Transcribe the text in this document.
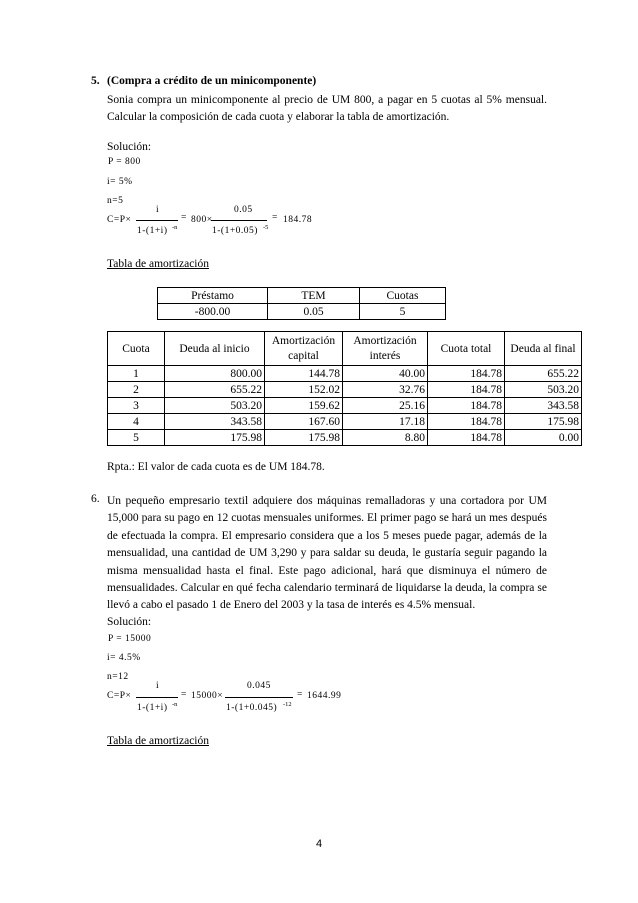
5. (Compra a crédito de un minicomponente)
Sonia compra un minicomponente al precio de UM 800, a pagar en 5 cuotas al 5% mensual. Calcular la composición de cada cuota y elaborar la tabla de amortización.
Solución:
P = 800
i= 5%
n=5
C=P×
i
1-(1+i) -n
= 800×
0.05
1-(1+0.05) -5
= 184.78
Tabla de amortización
Préstamo	TEM	Cuotas
-800.00	0.05	5
Cuota	Deuda al inicio	Amortización capital	Amortización interés	Cuota total	Deuda al final
1	800.00	144.78	40.00	184.78	655.22
2	655.22	152.02	32.76	184.78	503.20
3	503.20	159.62	25.16	184.78	343.58
4	343.58	167.60	17.18	184.78	175.98
5	175.98	175.98	8.80	184.78	0.00
Rpta.: El valor de cada cuota es de UM 184.78.
6. Un pequeño empresario textil adquiere dos máquinas remalladoras y una cortadora por UM 15,000 para su pago en 12 cuotas mensuales uniformes. El primer pago se hará un mes después de efectuada la compra. El empresario considera que a los 5 meses puede pagar, además de la mensualidad, una cantidad de UM 3,290 y para saldar su deuda, le gustaría seguir pagando la misma mensualidad hasta el final. Este pago adicional, hará que disminuya el número de mensualidades. Calcular en qué fecha calendario terminará de liquidarse la deuda, la compra se llevó a cabo el pasado 1 de Enero del 2003 y la tasa de interés es 4.5% mensual.
Solución:
P = 15000
i= 4.5%
n=12
C=P×
i
1-(1+i) -n
= 15000×
0.045
1-(1+0.045) -12
= 1644.99
Tabla de amortización
4
